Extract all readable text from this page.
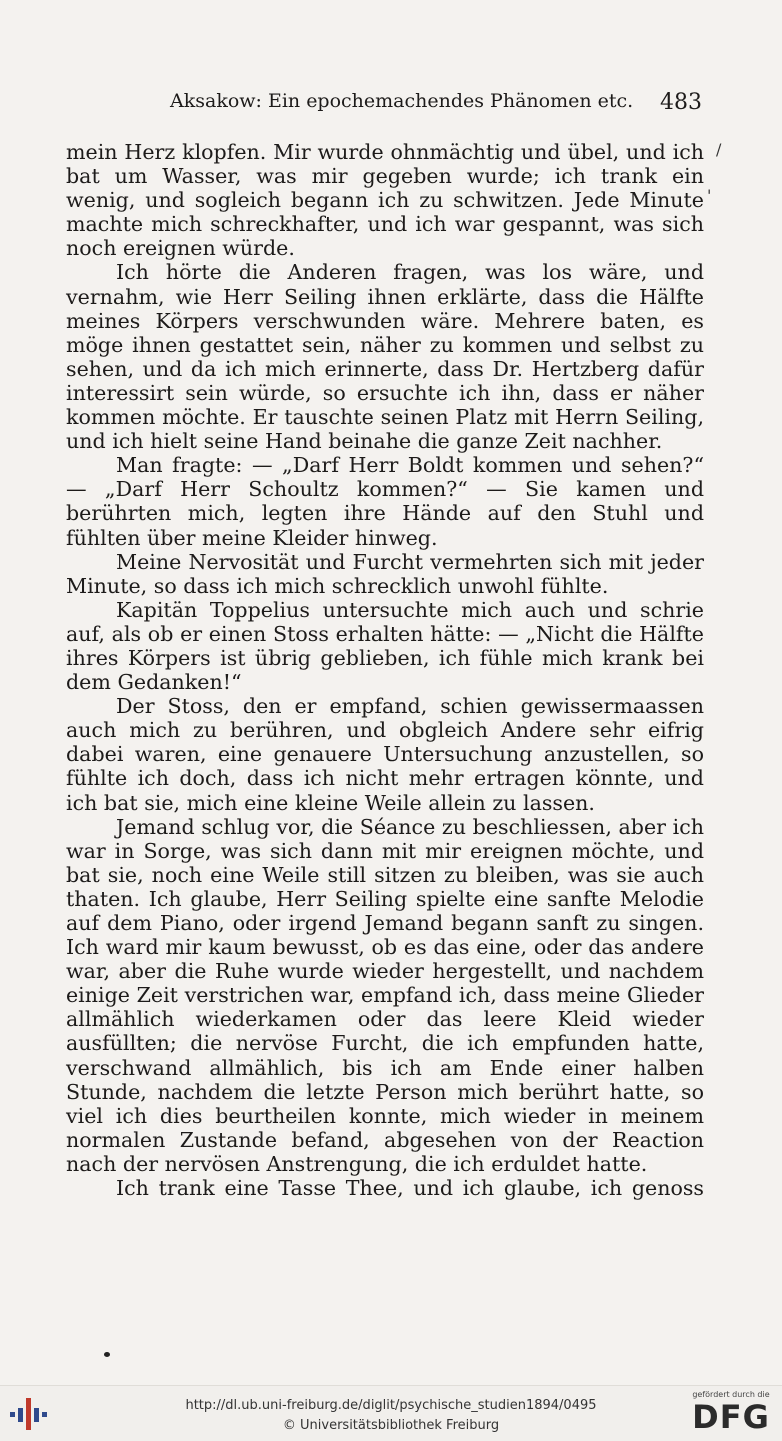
Aksakow: Ein epochemachendes Phänomen etc. 483

mein Herz klopfen. Mir wurde ohnmächtig und übel, und ich bat um Wasser, was mir gegeben wurde; ich trank ein wenig, und sogleich begann ich zu schwitzen. Jede Minute machte mich schreckhafter, und ich war gespannt, was sich noch ereignen würde.

Ich hörte die Anderen fragen, was los wäre, und vernahm, wie Herr Seiling ihnen erklärte, dass die Hälfte meines Körpers verschwunden wäre. Mehrere baten, es möge ihnen gestattet sein, näher zu kommen und selbst zu sehen, und da ich mich erinnerte, dass Dr. Hertzberg dafür interessirt sein würde, so ersuchte ich ihn, dass er näher kommen möchte. Er tauschte seinen Platz mit Herrn Seiling, und ich hielt seine Hand beinahe die ganze Zeit nachher.

Man fragte: — „Darf Herr Boldt kommen und sehen?“ — „Darf Herr Schoultz kommen?“ — Sie kamen und berührten mich, legten ihre Hände auf den Stuhl und fühlten über meine Kleider hinweg.

Meine Nervosität und Furcht vermehrten sich mit jeder Minute, so dass ich mich schrecklich unwohl fühlte.

Kapitän Toppelius untersuchte mich auch und schrie auf, als ob er einen Stoss erhalten hätte: — „Nicht die Hälfte ihres Körpers ist übrig geblieben, ich fühle mich krank bei dem Gedanken!“

Der Stoss, den er empfand, schien gewissermaassen auch mich zu berühren, und obgleich Andere sehr eifrig dabei waren, eine genauere Untersuchung anzustellen, so fühlte ich doch, dass ich nicht mehr ertragen könnte, und ich bat sie, mich eine kleine Weile allein zu lassen.

Jemand schlug vor, die Séance zu beschliessen, aber ich war in Sorge, was sich dann mit mir ereignen möchte, und bat sie, noch eine Weile still sitzen zu bleiben, was sie auch thaten. Ich glaube, Herr Seiling spielte eine sanfte Melodie auf dem Piano, oder irgend Jemand begann sanft zu singen. Ich ward mir kaum bewusst, ob es das eine, oder das andere war, aber die Ruhe wurde wieder hergestellt, und nachdem einige Zeit verstrichen war, empfand ich, dass meine Glieder allmählich wiederkamen oder das leere Kleid wieder ausfüllten; die nervöse Furcht, die ich empfunden hatte, verschwand allmählich, bis ich am Ende einer halben Stunde, nachdem die letzte Person mich berührt hatte, so viel ich dies beurtheilen konnte, mich wieder in meinem normalen Zustande befand, abgesehen von der Reaction nach der nervösen Anstrengung, die ich erduldet hatte.

Ich trank eine Tasse Thee, und ich glaube, ich genoss

/
'
http://dl.ub.uni-freiburg.de/diglit/psychische_studien1894/0495
© Universitätsbibliothek Freiburg
gefördert durch die
DFG
